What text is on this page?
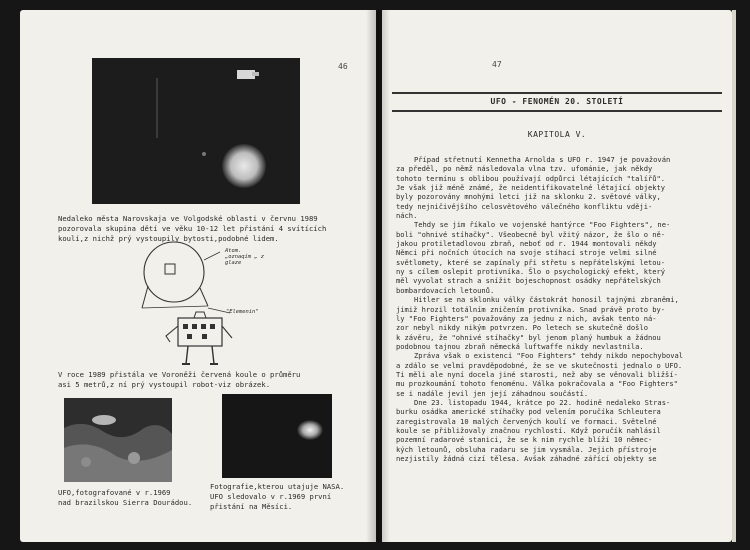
46

Nedaleko města Narovskaja ve Volgodské oblasti v červnu 1989
pozorovala skupina dětí ve věku 10-12 let přistání 4 svítících
koulí,z nichž prý vystoupily bytosti,podobné lidem.

Atom. „oznaqím „ z glaze
"Elemenin"

V roce 1989 přistála ve Voroněži červená koule o průměru
asi 5 metrů,z ní prý vystoupil robot-viz obrázek.

UFO,fotografované v r.1969
nad brazilskou Sierra Dourádou.

Fotografie,kterou utajuje NASA.
UFO sledovalo v r.1969 první
přistání na Měsíci.

47
UFO - FENOMÉN 20. STOLETÍ
KAPITOLA V.

Případ střetnutí Kennetha Arnolda s UFO r. 1947 je považován
za předěl, po němž následovala vlna tzv. ufománie, jak někdy
tohoto termínu s oblibou používají odpůrci létajících "talířů".
Je však již méně známé, že neidentifikovatelné létající objekty
byly pozorovány mnohými letci již na sklonku 2. světové války,
tedy nejničivějšího celosvětového válečného konfliktu vději-
nách.
Tehdy se jim říkalo ve vojenské hantýrce "Foo Fighters", ne-
boli "ohnivé stíhačky". Všeobecně byl vžitý názor, že šlo o ně-
jakou protiletadlovou zbraň, neboť od r. 1944 montovali někdy
Němci při nočních útocích na svoje stíhací stroje velmi silné
světlomety, které se zapínaly při střetu s nepřátelskými letou-
ny s cílem oslepit protivníka. Šlo o psychologický efekt, který
měl vyvolat strach a snížit bojeschopnost osádky nepřátelských
bombardovacích letounů.
Hitler se na sklonku války částokrát honosil tajnými zbraněmi,
jimiž hrozil totálním zničením protivníka. Snad právě proto by-
ly "Foo Fighters" považovány za jednu z nich, avšak tento ná-
zor nebyl nikdy nikým potvrzen. Po letech se skutečně došlo
k závěru, že "ohnivé stíhačky" byl jenom planý humbuk a žádnou
podobnou tajnou zbraň německá luftwaffe nikdy nevlastnila.
Zpráva však o existenci "Foo Fighters" tehdy nikdo nepochyboval
a zdálo se velmi pravděpodobné, že se ve skutečnosti jednalo o UFO.
Ti měli ale nyní docela jiné starosti, než aby se věnovali bližší-
mu prozkoumání tohoto fenoménu. Válka pokračovala a "Foo Fighters"
se i nadále jevil jen její záhadnou součástí.
Dne 23. listopadu 1944, krátce po 22. hodině nedaleko Stras-
burku osádka americké stíhačky pod velením poručíka Schleutera
zaregistrovala 10 malých červených koulí ve formaci. Světelné
koule se přibližovaly značnou rychlostí. Když poručík nahlásil
pozemní radarové stanici, že se k nim rychle blíží 10 němec-
kých letounů, obsluha radaru se jim vysmála. Jejich přístroje
nezjistily žádná cizí tělesa. Avšak záhadné zářící objekty se
